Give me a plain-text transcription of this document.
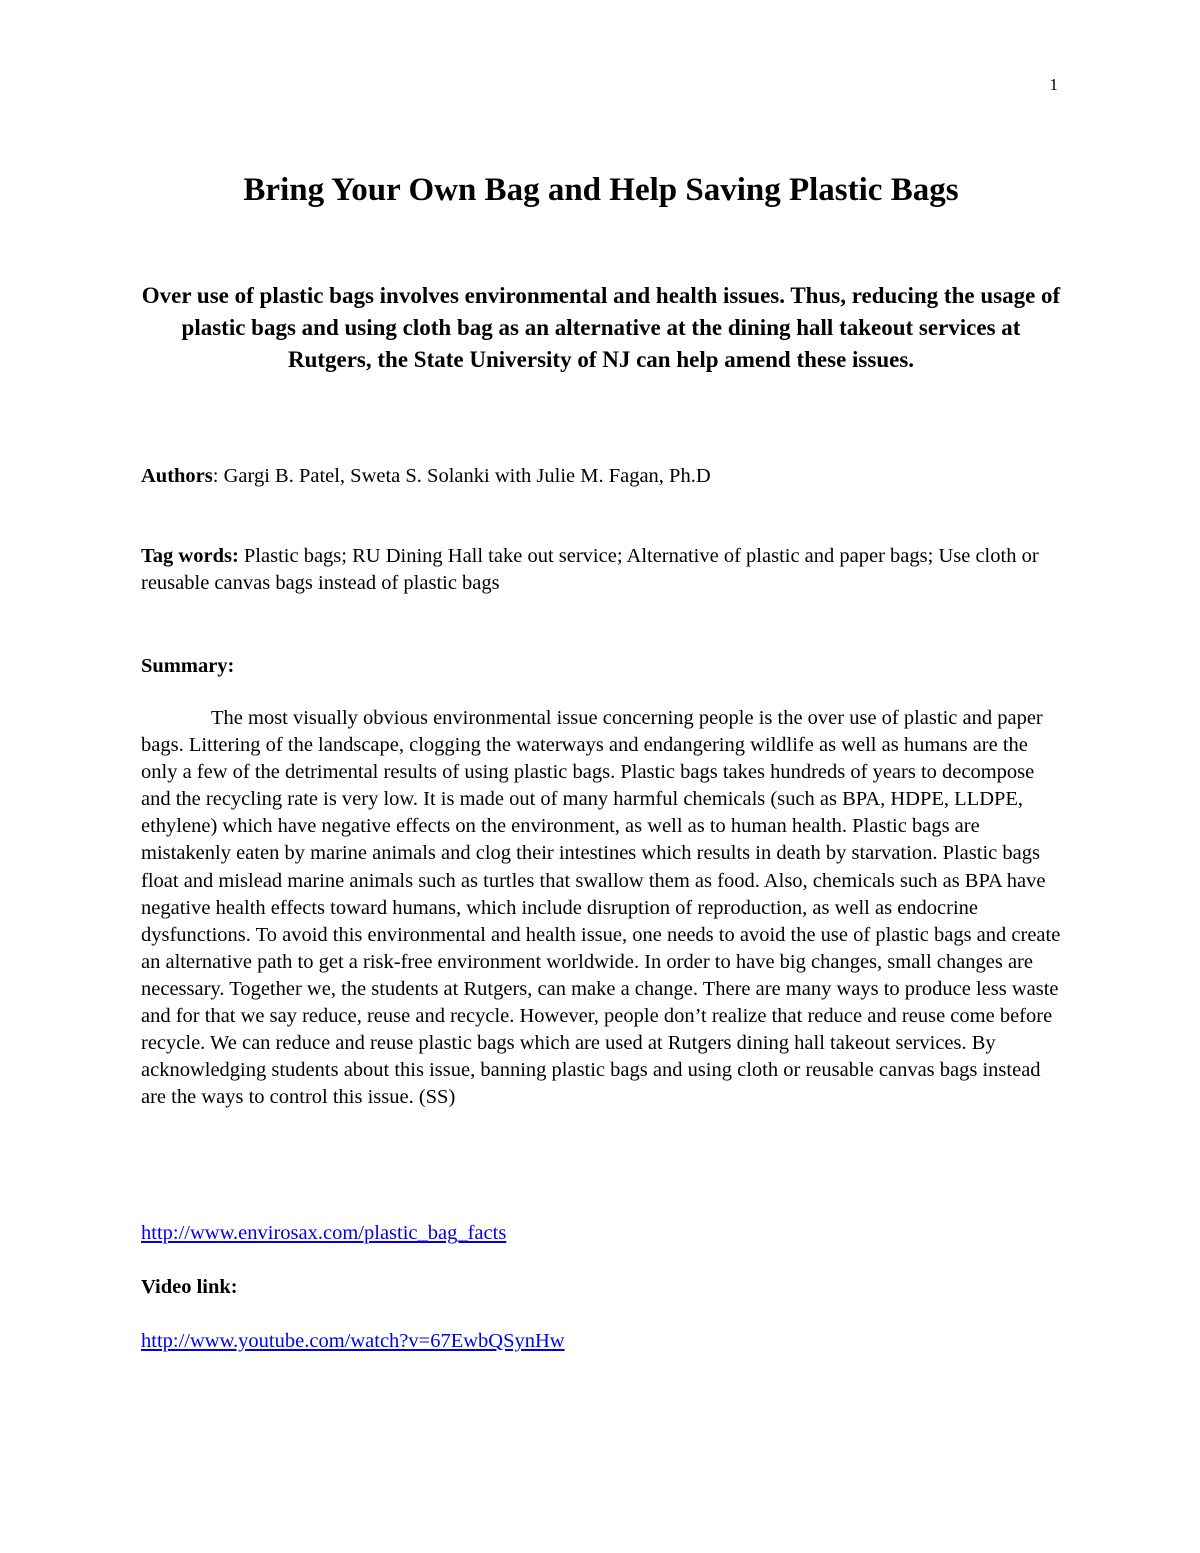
1
Bring Your Own Bag and Help Saving Plastic Bags

Over use of plastic bags involves environmental and health issues. Thus, reducing the usage of plastic bags and using cloth bag as an alternative at the dining hall takeout services at Rutgers, the State University of NJ can help amend these issues.

Authors: Gargi B. Patel, Sweta S. Solanki with Julie M. Fagan, Ph.D

Tag words: Plastic bags; RU Dining Hall take out service; Alternative of plastic and paper bags; Use cloth or reusable canvas bags instead of plastic bags

Summary:

The most visually obvious environmental issue concerning people is the over use of plastic and paper bags. Littering of the landscape, clogging the waterways and endangering wildlife as well as humans are the only a few of the detrimental results of using plastic bags. Plastic bags takes hundreds of years to decompose and the recycling rate is very low. It is made out of many harmful chemicals (such as BPA, HDPE, LLDPE, ethylene) which have negative effects on the environment, as well as to human health. Plastic bags are mistakenly eaten by marine animals and clog their intestines which results in death by starvation. Plastic bags float and mislead marine animals such as turtles that swallow them as food. Also, chemicals such as BPA have negative health effects toward humans, which include disruption of reproduction, as well as endocrine dysfunctions. To avoid this environmental and health issue, one needs to avoid the use of plastic bags and create an alternative path to get a risk-free environment worldwide. In order to have big changes, small changes are necessary. Together we, the students at Rutgers, can make a change. There are many ways to produce less waste and for that we say reduce, reuse and recycle. However, people don’t realize that reduce and reuse come before recycle. We can reduce and reuse plastic bags which are used at Rutgers dining hall takeout services. By acknowledging students about this issue, banning plastic bags and using cloth or reusable canvas bags instead are the ways to control this issue. (SS)

http://www.envirosax.com/plastic_bag_facts

Video link:

http://www.youtube.com/watch?v=67EwbQSynHw
